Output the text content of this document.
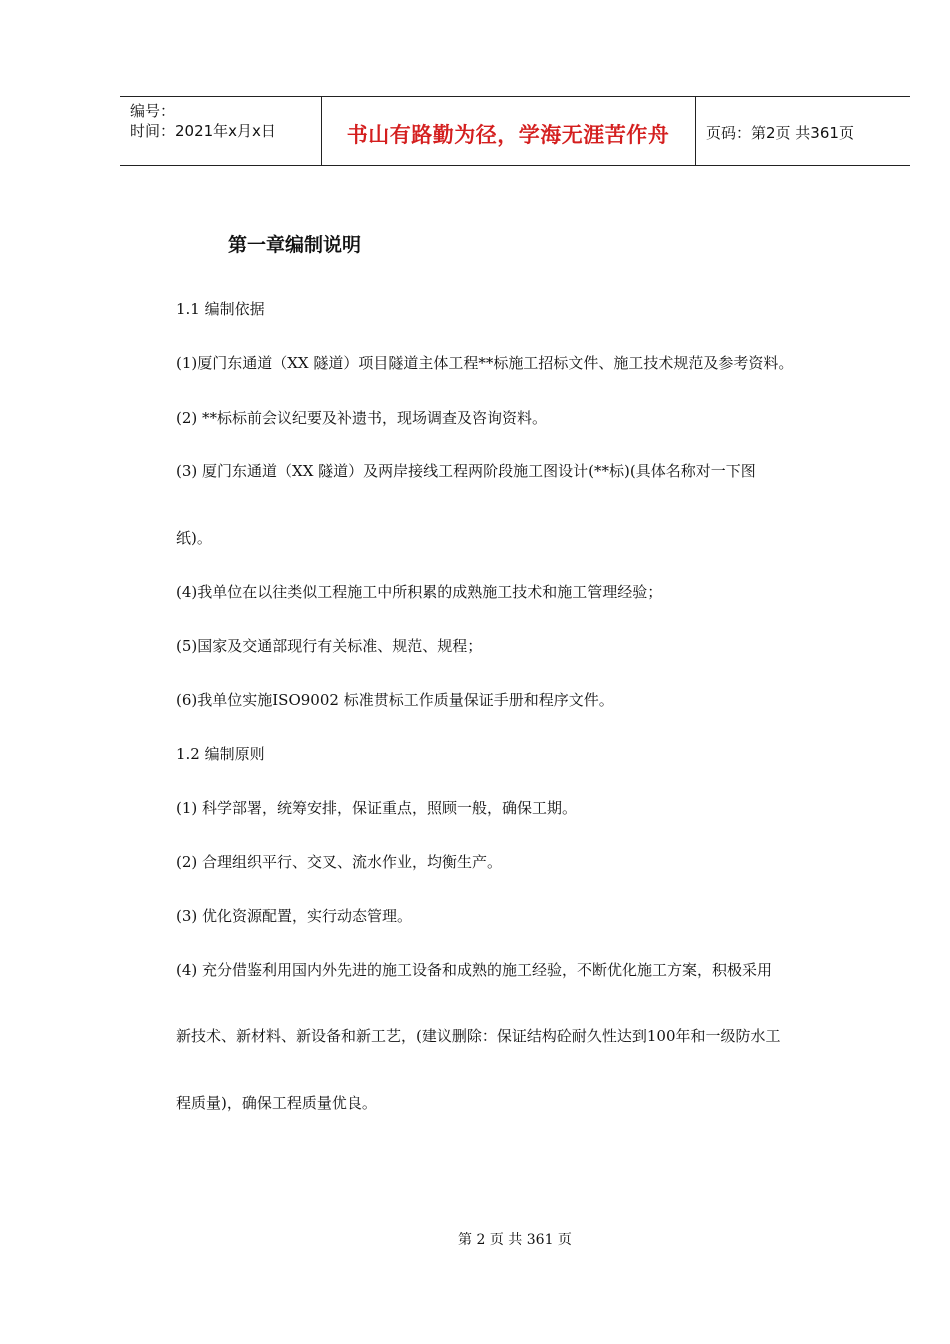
编号：
时间：2021年x月x日	书山有路勤为径，学海无涯苦作舟	页码：第2页 共361页
第一章编制说明
1.1 编制依据
(1)厦门东通道（XX 隧道）项目隧道主体工程**标施工招标文件、施工技术规范及参考资料。
(2) **标标前会议纪要及补遗书，现场调查及咨询资料。
(3) 厦门东通道（XX 隧道）及两岸接线工程两阶段施工图设计(**标)(具体名称对一下图
纸)。
(4)我单位在以往类似工程施工中所积累的成熟施工技术和施工管理经验；
(5)国家及交通部现行有关标准、规范、规程；
(6)我单位实施ISO9002 标准贯标工作质量保证手册和程序文件。
1.2 编制原则
(1) 科学部署，统筹安排，保证重点，照顾一般，确保工期。
(2) 合理组织平行、交叉、流水作业，均衡生产。
(3) 优化资源配置，实行动态管理。
(4) 充分借鉴利用国内外先进的施工设备和成熟的施工经验，不断优化施工方案，积极采用
新技术、新材料、新设备和新工艺，(建议删除：保证结构砼耐久性达到100年和一级防水工
程质量)，确保工程质量优良。
第 2 页 共 361 页
